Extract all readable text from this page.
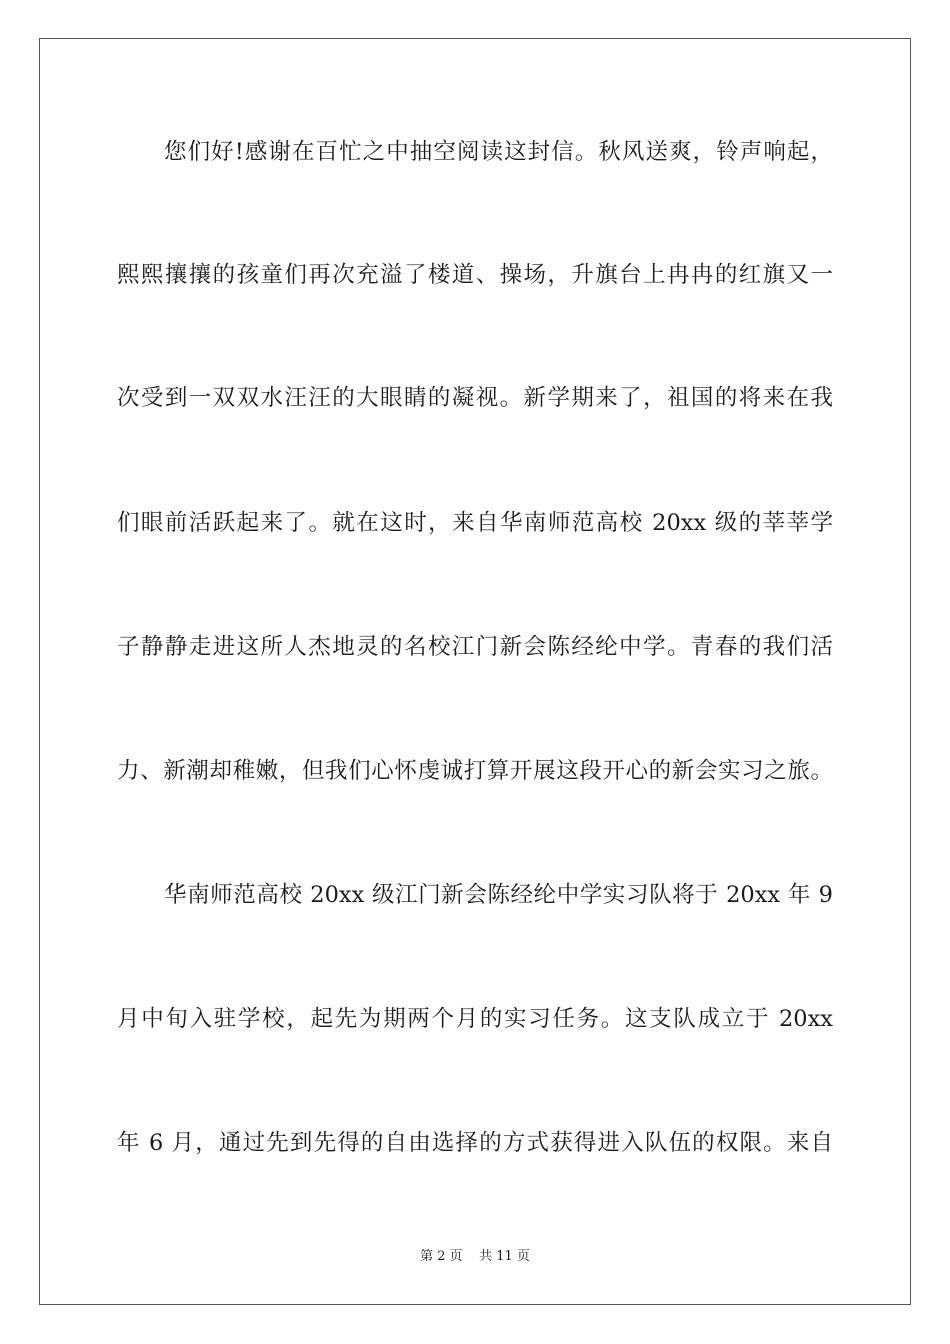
您们好!感谢在百忙之中抽空阅读这封信。秋风送爽，铃声响起，
熙熙攘攘的孩童们再次充溢了楼道、操场，升旗台上冉冉的红旗又一
次受到一双双水汪汪的大眼睛的凝视。新学期来了，祖国的将来在我
们眼前活跃起来了。就在这时，来自华南师范高校 20xx 级的莘莘学
子静静走进这所人杰地灵的名校江门新会陈经纶中学。青春的我们活
力、新潮却稚嫩，但我们心怀虔诚打算开展这段开心的新会实习之旅。
华南师范高校 20xx 级江门新会陈经纶中学实习队将于 20xx 年 9
月中旬入驻学校，起先为期两个月的实习任务。这支队成立于 20xx
年 6 月，通过先到先得的自由选择的方式获得进入队伍的权限。来自
第 2 页    共 11 页
